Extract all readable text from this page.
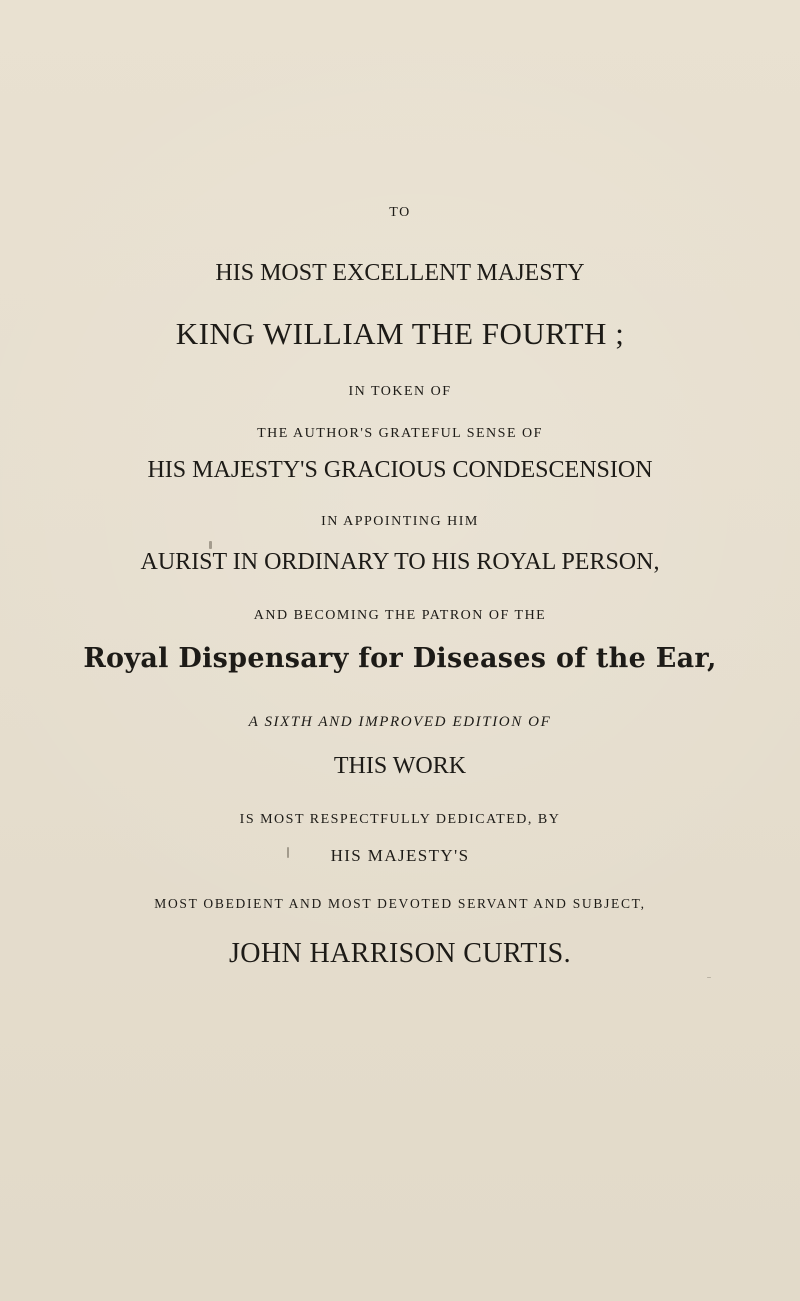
TO
HIS MOST EXCELLENT MAJESTY
KING WILLIAM THE FOURTH ;
IN TOKEN OF
THE AUTHOR'S GRATEFUL SENSE OF
HIS MAJESTY'S GRACIOUS CONDESCENSION
IN APPOINTING HIM
AURIST IN ORDINARY TO HIS ROYAL PERSON,
AND BECOMING THE PATRON OF THE
Royal Dispensary for Diseases of the Ear,
A SIXTH AND IMPROVED EDITION OF
THIS WORK
IS MOST RESPECTFULLY DEDICATED, BY
HIS MAJESTY'S
MOST OBEDIENT AND MOST DEVOTED SERVANT AND SUBJECT,
JOHN HARRISON CURTIS.
